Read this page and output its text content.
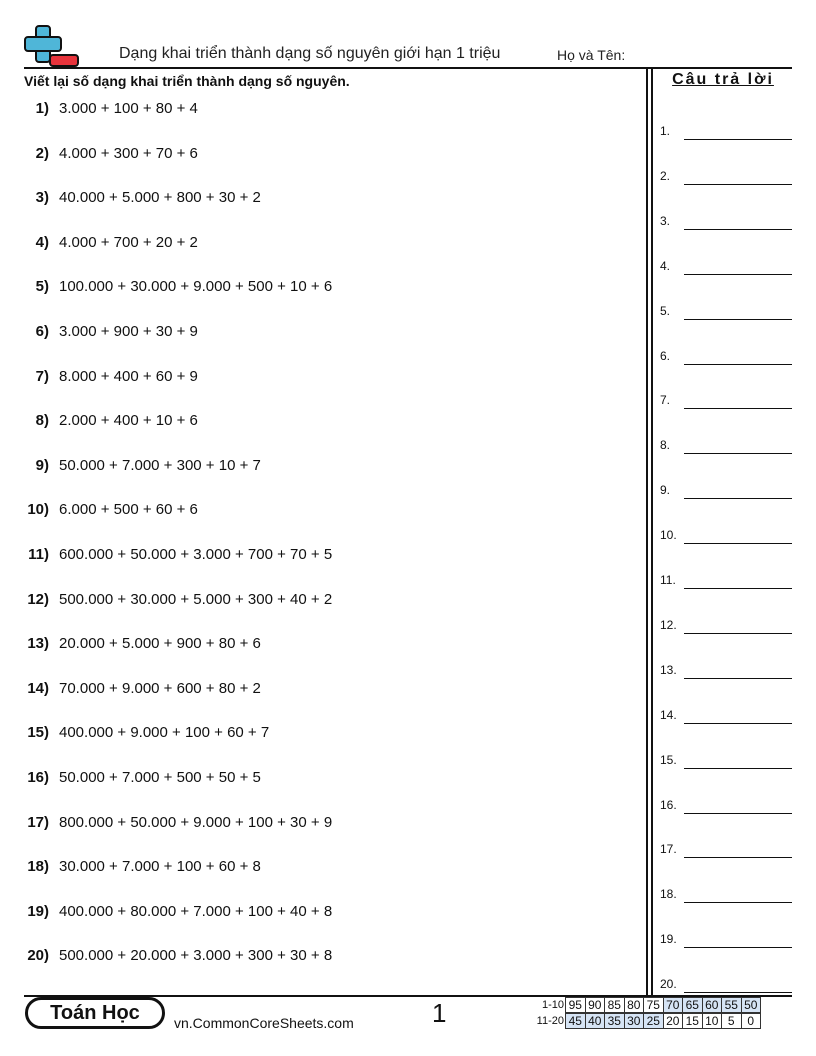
Dạng khai triển thành dạng số nguyên giới hạn 1 triệu	Họ và Tên:
Viết lại số dạng khai triển thành dạng số nguyên.
1) 3.000 + 100 + 80 + 4
2) 4.000 + 300 + 70 + 6
3) 40.000 + 5.000 + 800 + 30 + 2
4) 4.000 + 700 + 20 + 2
5) 100.000 + 30.000 + 9.000 + 500 + 10 + 6
6) 3.000 + 900 + 30 + 9
7) 8.000 + 400 + 60 + 9
8) 2.000 + 400 + 10 + 6
9) 50.000 + 7.000 + 300 + 10 + 7
10) 6.000 + 500 + 60 + 6
11) 600.000 + 50.000 + 3.000 + 700 + 70 + 5
12) 500.000 + 30.000 + 5.000 + 300 + 40 + 2
13) 20.000 + 5.000 + 900 + 80 + 6
14) 70.000 + 9.000 + 600 + 80 + 2
15) 400.000 + 9.000 + 100 + 60 + 7
16) 50.000 + 7.000 + 500 + 50 + 5
17) 800.000 + 50.000 + 9.000 + 100 + 30 + 9
18) 30.000 + 7.000 + 100 + 60 + 8
19) 400.000 + 80.000 + 7.000 + 100 + 40 + 8
20) 500.000 + 20.000 + 3.000 + 300 + 30 + 8
Câu trả lời
1.
2.
3.
4.
5.
6.
7.
8.
9.
10.
11.
12.
13.
14.
15.
16.
17.
18.
19.
20.
Toán Học	vn.CommonCoreSheets.com	1	1-10 95 90 85 80 75 70 65 60 55 50
11-20 45 40 35 30 25 20 15 10 5	0
